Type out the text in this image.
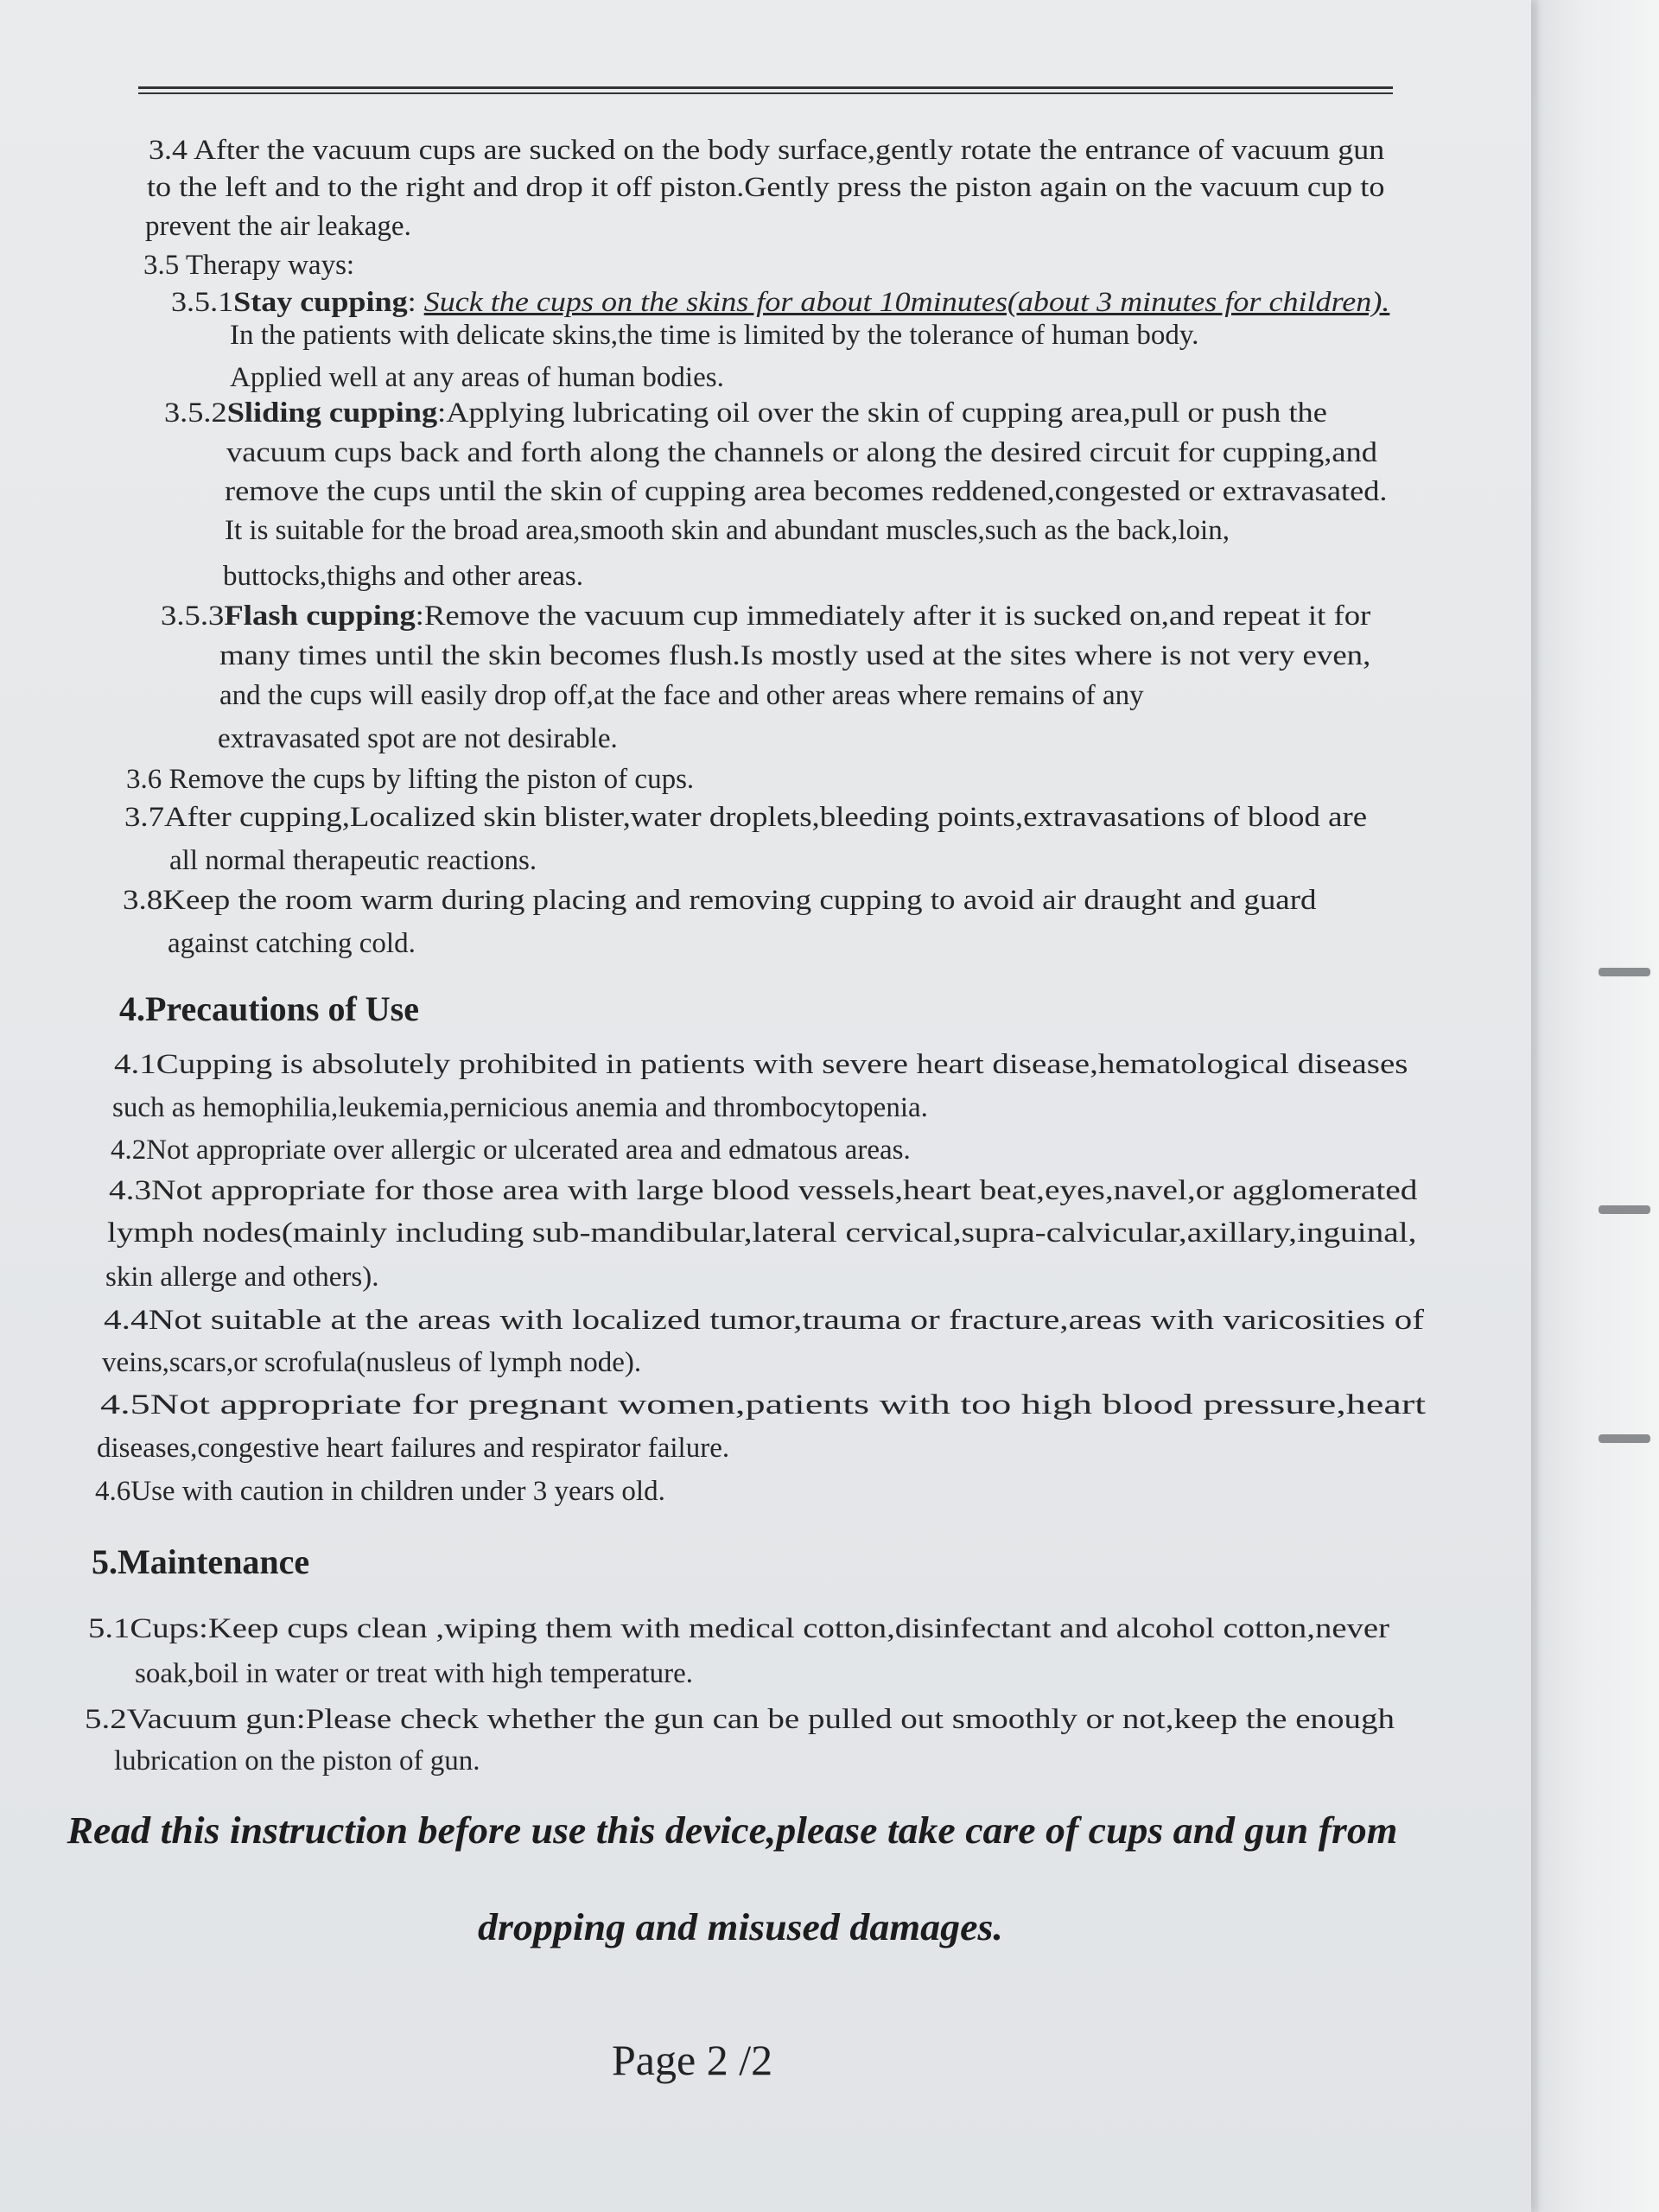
3.4 After the vacuum cups are sucked on the body surface,gently rotate the entrance of vacuum gun
to the left and to the right and drop it off piston.Gently press the piston again on the vacuum cup to
prevent the air leakage.
3.5 Therapy ways:
3.5.1Stay cupping: Suck the cups on the skins for about 10minutes(about 3 minutes for children).
In the patients with delicate skins,the time is limited by the tolerance of human body.
Applied well at any areas of human bodies.
3.5.2Sliding cupping:Applying lubricating oil over the skin of cupping area,pull or push the
vacuum cups back and forth along the channels or along the desired circuit for cupping,and
remove the cups until the skin of cupping area becomes reddened,congested or extravasated.
It is suitable for the broad area,smooth skin and abundant muscles,such as the back,loin,
buttocks,thighs and other areas.
3.5.3Flash cupping:Remove the vacuum cup immediately after it is sucked on,and repeat it for
many times until the skin becomes flush.Is mostly used at the sites where is not very even,
and the cups will easily drop off,at the face and other areas where remains of any
extravasated spot are not desirable.
3.6 Remove the cups by lifting the piston of cups.
3.7After cupping,Localized skin blister,water droplets,bleeding points,extravasations of blood are
all normal therapeutic reactions.
3.8Keep the room warm during placing and removing cupping to avoid air draught and guard
against catching cold.
4.Precautions of Use
4.1Cupping is absolutely prohibited in patients with severe heart disease,hematological diseases
such as hemophilia,leukemia,pernicious anemia and thrombocytopenia.
4.2Not appropriate over allergic or ulcerated area and edmatous areas.
4.3Not appropriate for those area with large blood vessels,heart beat,eyes,navel,or agglomerated
lymph nodes(mainly including sub-mandibular,lateral cervical,supra-calvicular,axillary,inguinal,
skin allerge and others).
4.4Not suitable at the areas with localized tumor,trauma or fracture,areas with varicosities of
veins,scars,or scrofula(nusleus of lymph node).
4.5Not appropriate for pregnant women,patients with too high blood pressure,heart
diseases,congestive heart failures and respirator failure.
4.6Use with caution in children under 3 years old.
5.Maintenance
5.1Cups:Keep cups clean ,wiping them with medical cotton,disinfectant and alcohol cotton,never
soak,boil in water or treat with high temperature.
5.2Vacuum gun:Please check whether the gun can be pulled out smoothly or not,keep the enough
lubrication on the piston of gun.
Read this instruction before use this device,please take care of cups and gun from
dropping and misused damages.
Page 2 /2
